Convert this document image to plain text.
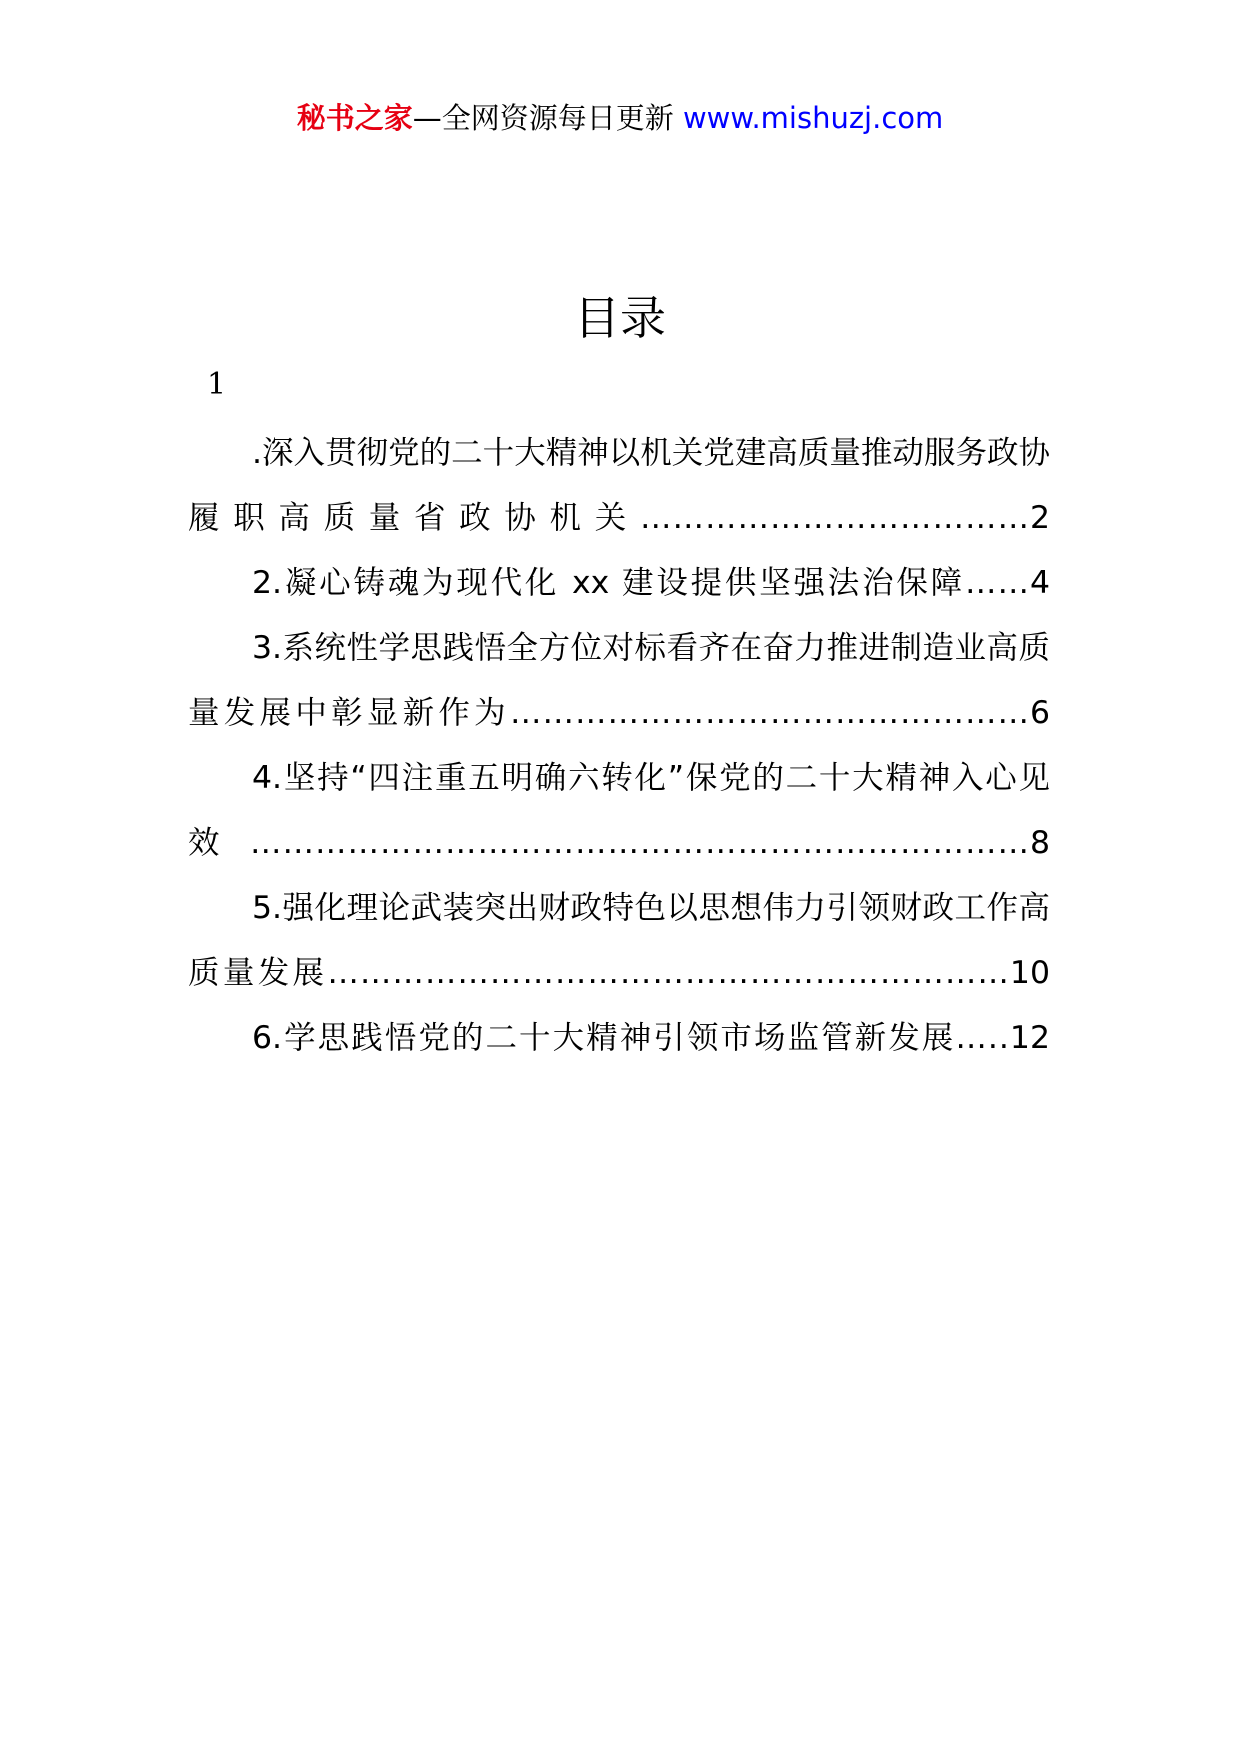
秘书之家—全网资源每日更新 www.mishuzj.com
目录
1
.深入贯彻党的二十大精神以机关党建高质量推动服务政协履职高质量省政协机关………………………………2
2.凝心铸魂为现代化 xx 建设提供坚强法治保障……4
3.系统性学思践悟全方位对标看齐在奋力推进制造业高质量发展中彰显新作为…………………………………………6
4.坚持“四注重五明确六转化”保党的二十大精神入心见效………………………………………………………………8
5.强化理论武装突出财政特色以思想伟力引领财政工作高质量发展………………………………………………………10
6.学思践悟党的二十大精神引领市场监管新发展…..12
